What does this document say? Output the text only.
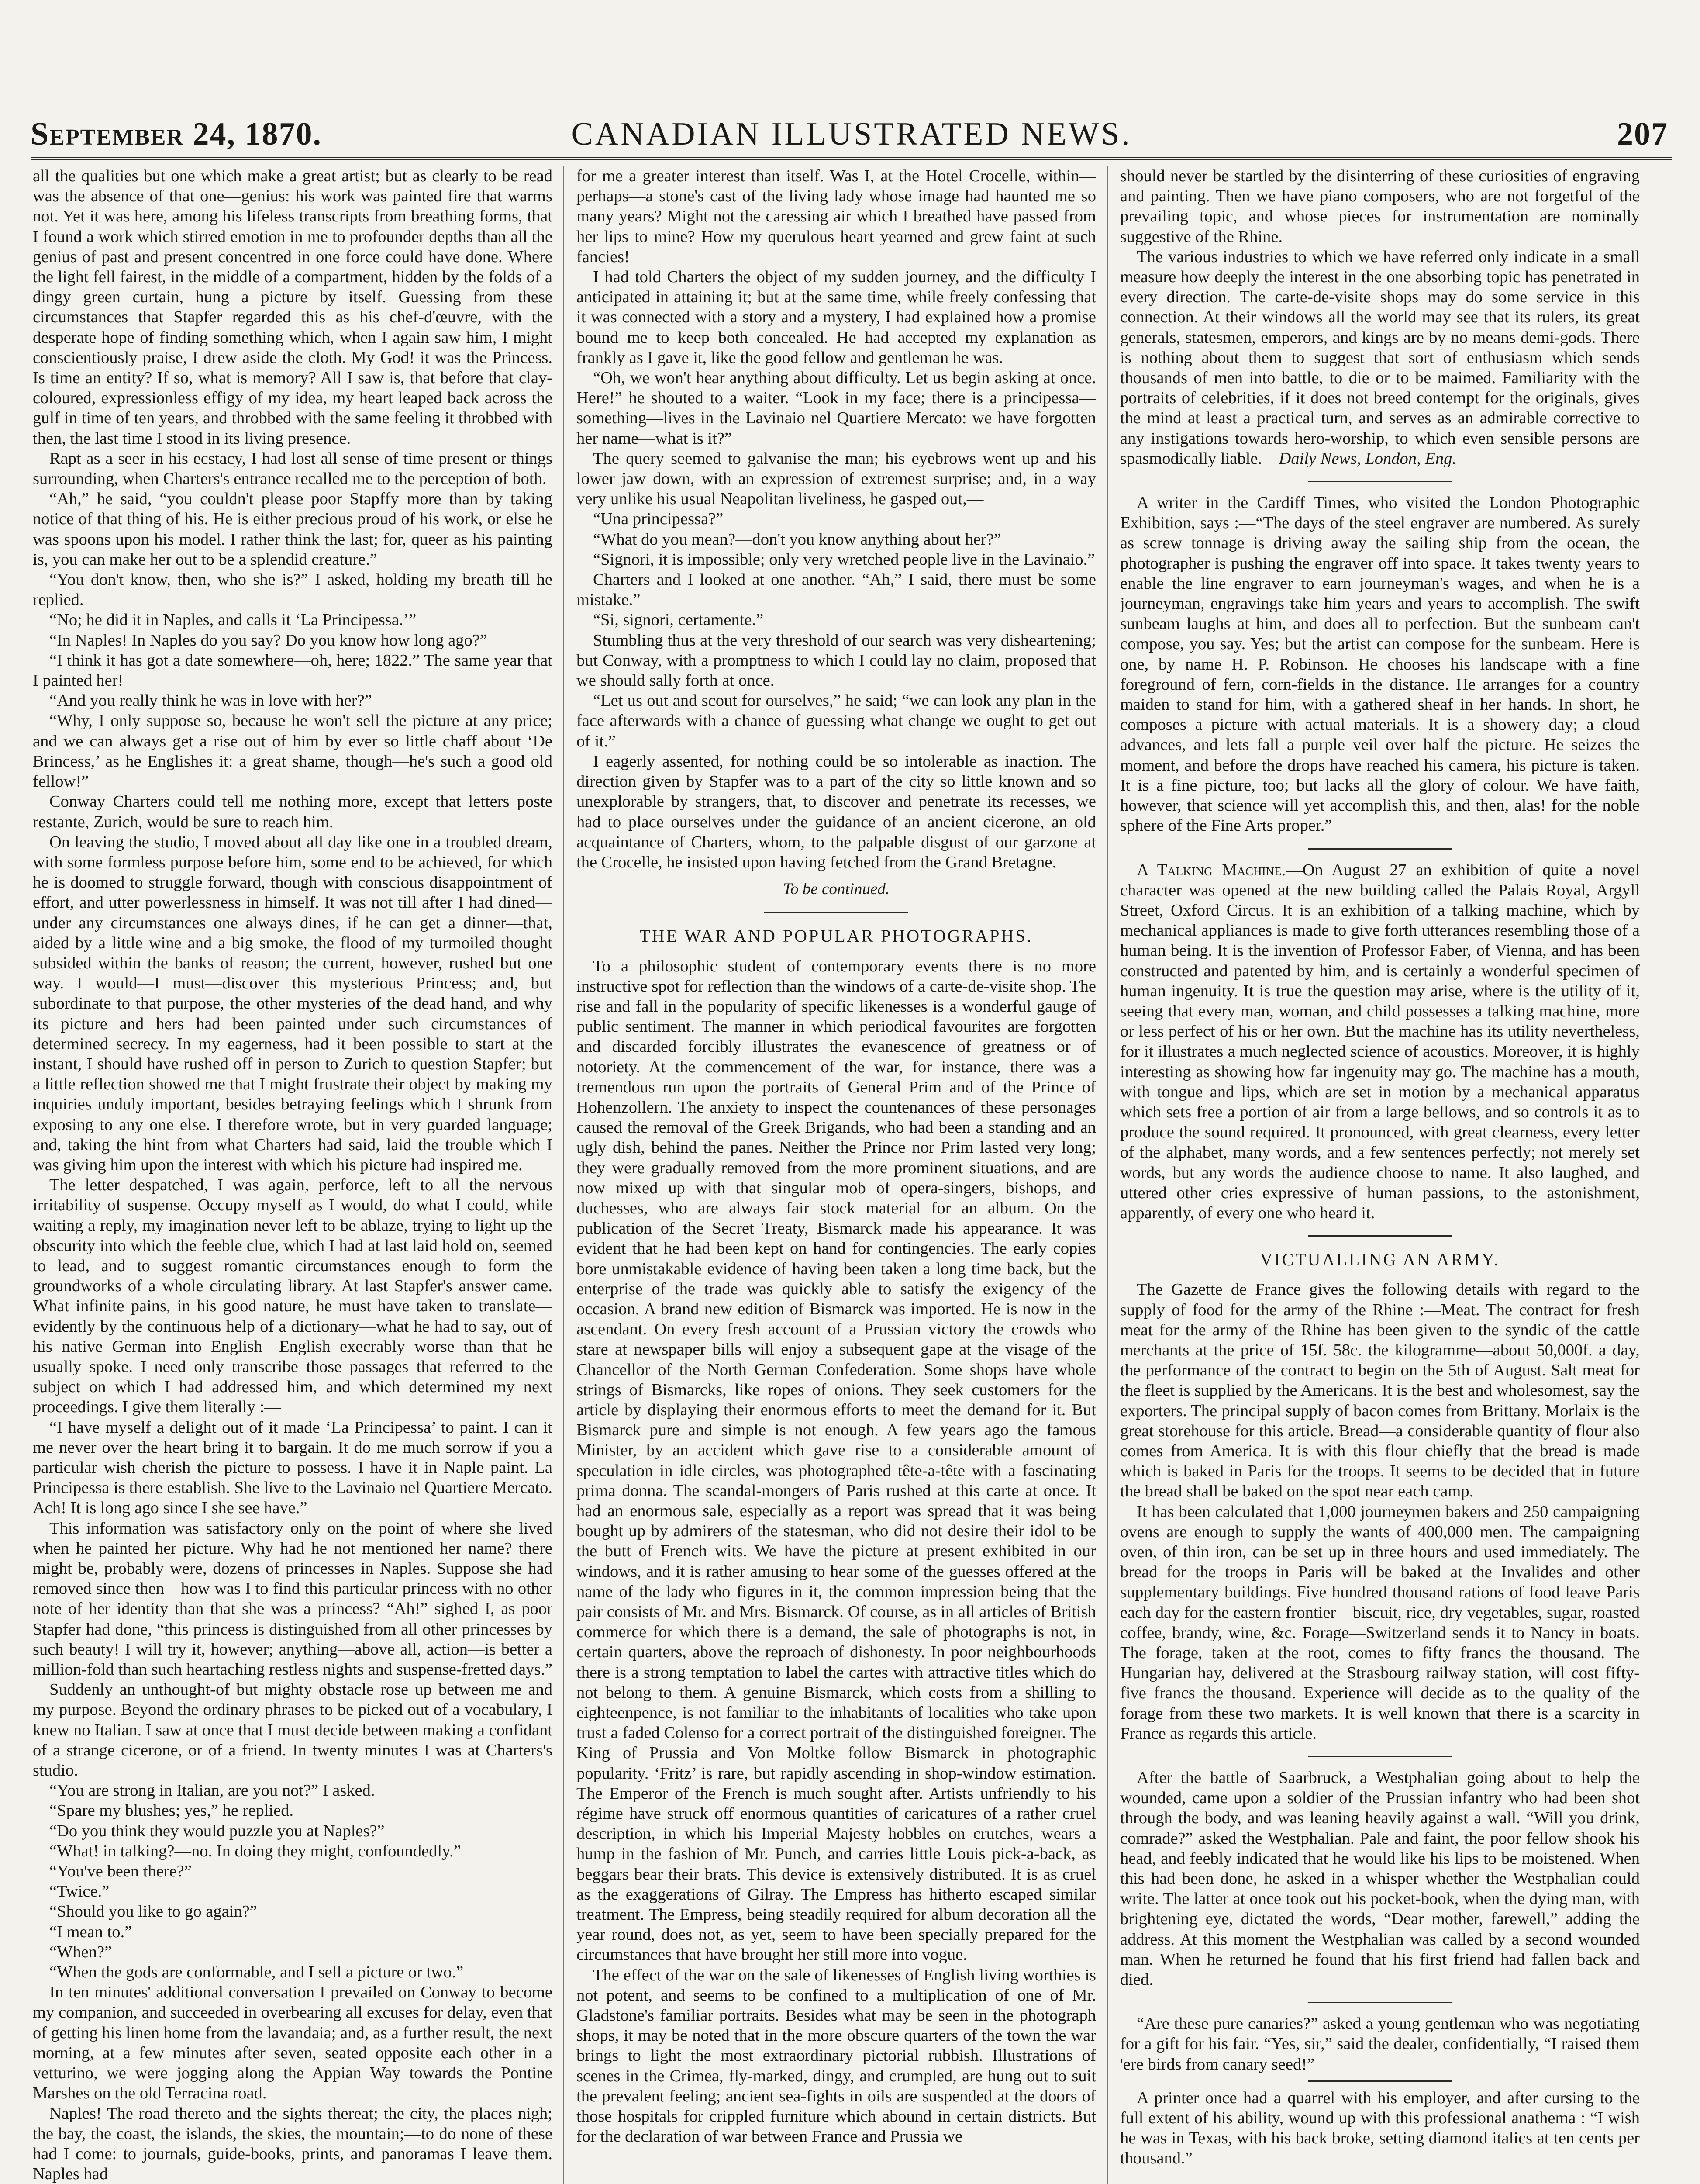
September 24, 1870.	CANADIAN ILLUSTRATED NEWS.	207

all the qualities but one which make a great artist; but as clearly to be read was the absence of that one—genius: his work was painted fire that warms not. Yet it was here, among his lifeless transcripts from breathing forms, that I found a work which stirred emotion in me to profounder depths than all the genius of past and present concentred in one force could have done. Where the light fell fairest, in the middle of a compartment, hidden by the folds of a dingy green curtain, hung a picture by itself. Guessing from these circumstances that Stapfer regarded this as his chef-d'œuvre, with the desperate hope of finding something which, when I again saw him, I might conscientiously praise, I drew aside the cloth. My God! it was the Princess. Is time an entity? If so, what is memory? All I saw is, that before that clay-coloured, expressionless effigy of my idea, my heart leaped back across the gulf in time of ten years, and throbbed with the same feeling it throbbed with then, the last time I stood in its living presence.

Rapt as a seer in his ecstacy, I had lost all sense of time present or things surrounding, when Charters's entrance recalled me to the perception of both.

“Ah,” he said, “you couldn't please poor Stapffy more than by taking notice of that thing of his. He is either precious proud of his work, or else he was spoons upon his model. I rather think the last; for, queer as his painting is, you can make her out to be a splendid creature.”

“You don't know, then, who she is?” I asked, holding my breath till he replied.

“No; he did it in Naples, and calls it ‘La Principessa.’”

“In Naples! In Naples do you say? Do you know how long ago?”

“I think it has got a date somewhere—oh, here; 1822.” The same year that I painted her!

“And you really think he was in love with her?”

“Why, I only suppose so, because he won't sell the picture at any price; and we can always get a rise out of him by ever so little chaff about ‘De Brincess,’ as he Englishes it: a great shame, though—he's such a good old fellow!”

Conway Charters could tell me nothing more, except that letters poste restante, Zurich, would be sure to reach him.

On leaving the studio, I moved about all day like one in a troubled dream, with some formless purpose before him, some end to be achieved, for which he is doomed to struggle forward, though with conscious disappointment of effort, and utter powerlessness in himself. It was not till after I had dined—under any circumstances one always dines, if he can get a dinner—that, aided by a little wine and a big smoke, the flood of my turmoiled thought subsided within the banks of reason; the current, however, rushed but one way. I would—I must—discover this mysterious Princess; and, but subordinate to that purpose, the other mysteries of the dead hand, and why its picture and hers had been painted under such circumstances of determined secrecy. In my eagerness, had it been possible to start at the instant, I should have rushed off in person to Zurich to question Stapfer; but a little reflection showed me that I might frustrate their object by making my inquiries unduly important, besides betraying feelings which I shrunk from exposing to any one else. I therefore wrote, but in very guarded language; and, taking the hint from what Charters had said, laid the trouble which I was giving him upon the interest with which his picture had inspired me.

The letter despatched, I was again, perforce, left to all the nervous irritability of suspense. Occupy myself as I would, do what I could, while waiting a reply, my imagination never left to be ablaze, trying to light up the obscurity into which the feeble clue, which I had at last laid hold on, seemed to lead, and to suggest romantic circumstances enough to form the groundworks of a whole circulating library. At last Stapfer's answer came. What infinite pains, in his good nature, he must have taken to translate—evidently by the continuous help of a dictionary—what he had to say, out of his native German into English—English execrably worse than that he usually spoke. I need only transcribe those passages that referred to the subject on which I had addressed him, and which determined my next proceedings. I give them literally :—

“I have myself a delight out of it made ‘La Principessa’ to paint. I can it me never over the heart bring it to bargain. It do me much sorrow if you a particular wish cherish the picture to possess. I have it in Naple paint. La Principessa is there establish. She live to the Lavinaio nel Quartiere Mercato. Ach! It is long ago since I she see have.”

This information was satisfactory only on the point of where she lived when he painted her picture. Why had he not mentioned her name? there might be, probably were, dozens of princesses in Naples. Suppose she had removed since then—how was I to find this particular princess with no other note of her identity than that she was a princess? “Ah!” sighed I, as poor Stapfer had done, “this princess is distinguished from all other princesses by such beauty! I will try it, however; anything—above all, action—is better a million-fold than such heartaching restless nights and suspense-fretted days.”

Suddenly an unthought-of but mighty obstacle rose up between me and my purpose. Beyond the ordinary phrases to be picked out of a vocabulary, I knew no Italian. I saw at once that I must decide between making a confidant of a strange cicerone, or of a friend. In twenty minutes I was at Charters's studio.

“You are strong in Italian, are you not?” I asked.

“Spare my blushes; yes,” he replied.

“Do you think they would puzzle you at Naples?”

“What! in talking?—no. In doing they might, confoundedly.”

“You've been there?”

“Twice.”

“Should you like to go again?”

“I mean to.”

“When?”

“When the gods are conformable, and I sell a picture or two.”

In ten minutes' additional conversation I prevailed on Conway to become my companion, and succeeded in overbearing all excuses for delay, even that of getting his linen home from the lavandaia; and, as a further result, the next morning, at a few minutes after seven, seated opposite each other in a vetturino, we were jogging along the Appian Way towards the Pontine Marshes on the old Terracina road.

Naples! The road thereto and the sights thereat; the city, the places nigh; the bay, the coast, the islands, the skies, the mountain;—to do none of these had I come: to journals, guide-books, prints, and panoramas I leave them. Naples had

for me a greater interest than itself. Was I, at the Hotel Crocelle, within—perhaps—a stone's cast of the living lady whose image had haunted me so many years? Might not the caressing air which I breathed have passed from her lips to mine? How my querulous heart yearned and grew faint at such fancies!

I had told Charters the object of my sudden journey, and the difficulty I anticipated in attaining it; but at the same time, while freely confessing that it was connected with a story and a mystery, I had explained how a promise bound me to keep both concealed. He had accepted my explanation as frankly as I gave it, like the good fellow and gentleman he was.

“Oh, we won't hear anything about difficulty. Let us begin asking at once. Here!” he shouted to a waiter. “Look in my face; there is a principessa—something—lives in the Lavinaio nel Quartiere Mercato: we have forgotten her name—what is it?”

The query seemed to galvanise the man; his eyebrows went up and his lower jaw down, with an expression of extremest surprise; and, in a way very unlike his usual Neapolitan liveliness, he gasped out,—

“Una principessa?”

“What do you mean?—don't you know anything about her?”

“Signori, it is impossible; only very wretched people live in the Lavinaio.”

Charters and I looked at one another. “Ah,” I said, there must be some mistake.”

“Si, signori, certamente.”

Stumbling thus at the very threshold of our search was very disheartening; but Conway, with a promptness to which I could lay no claim, proposed that we should sally forth at once.

“Let us out and scout for ourselves,” he said; “we can look any plan in the face afterwards with a chance of guessing what change we ought to get out of it.”

I eagerly assented, for nothing could be so intolerable as inaction. The direction given by Stapfer was to a part of the city so little known and so unexplorable by strangers, that, to discover and penetrate its recesses, we had to place ourselves under the guidance of an ancient cicerone, an old acquaintance of Charters, whom, to the palpable disgust of our garzone at the Crocelle, he insisted upon having fetched from the Grand Bretagne.

To be continued.
THE WAR AND POPULAR PHOTOGRAPHS.

To a philosophic student of contemporary events there is no more instructive spot for reflection than the windows of a carte-de-visite shop. The rise and fall in the popularity of specific likenesses is a wonderful gauge of public sentiment. The manner in which periodical favourites are forgotten and discarded forcibly illustrates the evanescence of greatness or of notoriety. At the commencement of the war, for instance, there was a tremendous run upon the portraits of General Prim and of the Prince of Hohenzollern. The anxiety to inspect the countenances of these personages caused the removal of the Greek Brigands, who had been a standing and an ugly dish, behind the panes. Neither the Prince nor Prim lasted very long; they were gradually removed from the more prominent situations, and are now mixed up with that singular mob of opera-singers, bishops, and duchesses, who are always fair stock material for an album. On the publication of the Secret Treaty, Bismarck made his appearance. It was evident that he had been kept on hand for contingencies. The early copies bore unmistakable evidence of having been taken a long time back, but the enterprise of the trade was quickly able to satisfy the exigency of the occasion. A brand new edition of Bismarck was imported. He is now in the ascendant. On every fresh account of a Prussian victory the crowds who stare at newspaper bills will enjoy a subsequent gape at the visage of the Chancellor of the North German Confederation. Some shops have whole strings of Bismarcks, like ropes of onions. They seek customers for the article by displaying their enormous efforts to meet the demand for it. But Bismarck pure and simple is not enough. A few years ago the famous Minister, by an accident which gave rise to a considerable amount of speculation in idle circles, was photographed tête-a-tête with a fascinating prima donna. The scandal-mongers of Paris rushed at this carte at once. It had an enormous sale, especially as a report was spread that it was being bought up by admirers of the statesman, who did not desire their idol to be the butt of French wits. We have the picture at present exhibited in our windows, and it is rather amusing to hear some of the guesses offered at the name of the lady who figures in it, the common impression being that the pair consists of Mr. and Mrs. Bismarck. Of course, as in all articles of British commerce for which there is a demand, the sale of photographs is not, in certain quarters, above the reproach of dishonesty. In poor neighbourhoods there is a strong temptation to label the cartes with attractive titles which do not belong to them. A genuine Bismarck, which costs from a shilling to eighteenpence, is not familiar to the inhabitants of localities who take upon trust a faded Colenso for a correct portrait of the distinguished foreigner. The King of Prussia and Von Moltke follow Bismarck in photographic popularity. ‘Fritz’ is rare, but rapidly ascending in shop-window estimation. The Emperor of the French is much sought after. Artists unfriendly to his régime have struck off enormous quantities of caricatures of a rather cruel description, in which his Imperial Majesty hobbles on crutches, wears a hump in the fashion of Mr. Punch, and carries little Louis pick-a-back, as beggars bear their brats. This device is extensively distributed. It is as cruel as the exaggerations of Gilray. The Empress has hitherto escaped similar treatment. The Empress, being steadily required for album decoration all the year round, does not, as yet, seem to have been specially prepared for the circumstances that have brought her still more into vogue.

The effect of the war on the sale of likenesses of English living worthies is not potent, and seems to be confined to a multiplication of one of Mr. Gladstone's familiar portraits. Besides what may be seen in the photograph shops, it may be noted that in the more obscure quarters of the town the war brings to light the most extraordinary pictorial rubbish. Illustrations of scenes in the Crimea, fly-marked, dingy, and crumpled, are hung out to suit the prevalent feeling; ancient sea-fights in oils are suspended at the doors of those hospitals for crippled furniture which abound in certain districts. But for the declaration of war between France and Prussia we

should never be startled by the disinterring of these curiosities of engraving and painting. Then we have piano composers, who are not forgetful of the prevailing topic, and whose pieces for instrumentation are nominally suggestive of the Rhine.

The various industries to which we have referred only indicate in a small measure how deeply the interest in the one absorbing topic has penetrated in every direction. The carte-de-visite shops may do some service in this connection. At their windows all the world may see that its rulers, its great generals, statesmen, emperors, and kings are by no means demi-gods. There is nothing about them to suggest that sort of enthusiasm which sends thousands of men into battle, to die or to be maimed. Familiarity with the portraits of celebrities, if it does not breed contempt for the originals, gives the mind at least a practical turn, and serves as an admirable corrective to any instigations towards hero-worship, to which even sensible persons are spasmodically liable.—Daily News, London, Eng.

A writer in the Cardiff Times, who visited the London Photographic Exhibition, says :—“The days of the steel engraver are numbered. As surely as screw tonnage is driving away the sailing ship from the ocean, the photographer is pushing the engraver off into space. It takes twenty years to enable the line engraver to earn journeyman's wages, and when he is a journeyman, engravings take him years and years to accomplish. The swift sunbeam laughs at him, and does all to perfection. But the sunbeam can't compose, you say. Yes; but the artist can compose for the sunbeam. Here is one, by name H. P. Robinson. He chooses his landscape with a fine foreground of fern, corn-fields in the distance. He arranges for a country maiden to stand for him, with a gathered sheaf in her hands. In short, he composes a picture with actual materials. It is a showery day; a cloud advances, and lets fall a purple veil over half the picture. He seizes the moment, and before the drops have reached his camera, his picture is taken. It is a fine picture, too; but lacks all the glory of colour. We have faith, however, that science will yet accomplish this, and then, alas! for the noble sphere of the Fine Arts proper.”

A Talking Machine.—On August 27 an exhibition of quite a novel character was opened at the new building called the Palais Royal, Argyll Street, Oxford Circus. It is an exhibition of a talking machine, which by mechanical appliances is made to give forth utterances resembling those of a human being. It is the invention of Professor Faber, of Vienna, and has been constructed and patented by him, and is certainly a wonderful specimen of human ingenuity. It is true the question may arise, where is the utility of it, seeing that every man, woman, and child possesses a talking machine, more or less perfect of his or her own. But the machine has its utility nevertheless, for it illustrates a much neglected science of acoustics. Moreover, it is highly interesting as showing how far ingenuity may go. The machine has a mouth, with tongue and lips, which are set in motion by a mechanical apparatus which sets free a portion of air from a large bellows, and so controls it as to produce the sound required. It pronounced, with great clearness, every letter of the alphabet, many words, and a few sentences perfectly; not merely set words, but any words the audience choose to name. It also laughed, and uttered other cries expressive of human passions, to the astonishment, apparently, of every one who heard it.

VICTUALLING AN ARMY.

The Gazette de France gives the following details with regard to the supply of food for the army of the Rhine :—Meat. The contract for fresh meat for the army of the Rhine has been given to the syndic of the cattle merchants at the price of 15f. 58c. the kilogramme—about 50,000f. a day, the performance of the contract to begin on the 5th of August. Salt meat for the fleet is supplied by the Americans. It is the best and wholesomest, say the exporters. The principal supply of bacon comes from Brittany. Morlaix is the great storehouse for this article. Bread—a considerable quantity of flour also comes from America. It is with this flour chiefly that the bread is made which is baked in Paris for the troops. It seems to be decided that in future the bread shall be baked on the spot near each camp.

It has been calculated that 1,000 journeymen bakers and 250 campaigning ovens are enough to supply the wants of 400,000 men. The campaigning oven, of thin iron, can be set up in three hours and used immediately. The bread for the troops in Paris will be baked at the Invalides and other supplementary buildings. Five hundred thousand rations of food leave Paris each day for the eastern frontier—biscuit, rice, dry vegetables, sugar, roasted coffee, brandy, wine, &c. Forage—Switzerland sends it to Nancy in boats. The forage, taken at the root, comes to fifty francs the thousand. The Hungarian hay, delivered at the Strasbourg railway station, will cost fifty-five francs the thousand. Experience will decide as to the quality of the forage from these two markets. It is well known that there is a scarcity in France as regards this article.

After the battle of Saarbruck, a Westphalian going about to help the wounded, came upon a soldier of the Prussian infantry who had been shot through the body, and was leaning heavily against a wall. “Will you drink, comrade?” asked the Westphalian. Pale and faint, the poor fellow shook his head, and feebly indicated that he would like his lips to be moistened. When this had been done, he asked in a whisper whether the Westphalian could write. The latter at once took out his pocket-book, when the dying man, with brightening eye, dictated the words, “Dear mother, farewell,” adding the address. At this moment the Westphalian was called by a second wounded man. When he returned he found that his first friend had fallen back and died.

“Are these pure canaries?” asked a young gentleman who was negotiating for a gift for his fair. “Yes, sir,” said the dealer, confidentially, “I raised them 'ere birds from canary seed!”

A printer once had a quarrel with his employer, and after cursing to the full extent of his ability, wound up with this professional anathema : “I wish he was in Texas, with his back broke, setting diamond italics at ten cents per thousand.”
